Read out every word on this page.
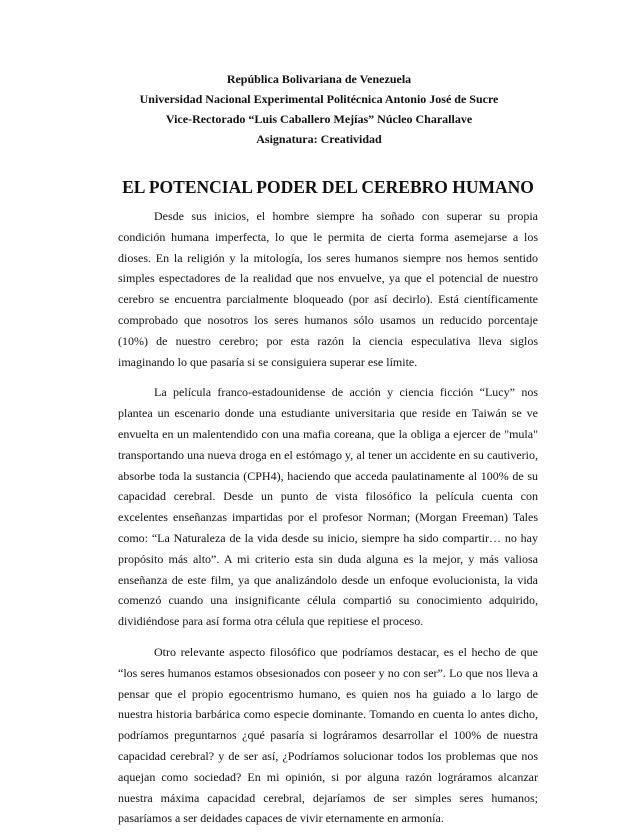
República Bolivariana de Venezuela
Universidad Nacional Experimental Politécnica Antonio José de Sucre
Vice-Rectorado “Luis Caballero Mejías” Núcleo Charallave
Asignatura: Creatividad
EL POTENCIAL PODER DEL CEREBRO HUMANO

Desde sus inicios, el hombre siempre ha soñado con superar su propia condición humana imperfecta, lo que le permita de cierta forma asemejarse a los dioses. En la religión y la mitología, los seres humanos siempre nos hemos sentido simples espectadores de la realidad que nos envuelve, ya que el potencial de nuestro cerebro se encuentra parcialmente bloqueado (por así decirlo). Está científicamente comprobado que nosotros los seres humanos sólo usamos un reducido porcentaje (10%) de nuestro cerebro; por esta razón la ciencia especulativa lleva siglos imaginando lo que pasaría si se consiguiera superar ese límite.

La película franco-estadounidense de acción y ciencia ficción “Lucy” nos plantea un escenario donde una estudiante universitaria que reside en Taiwán se ve envuelta en un malentendido con una mafia coreana, que la obliga a ejercer de "mula" transportando una nueva droga en el estómago y, al tener un accidente en su cautiverio, absorbe toda la sustancia (CPH4), haciendo que acceda paulatinamente al 100% de su capacidad cerebral. Desde un punto de vista filosófico la película cuenta con excelentes enseñanzas impartidas por el profesor Norman; (Morgan Freeman) Tales como: “La Naturaleza de la vida desde su inicio, siempre ha sido compartir… no hay propósito más alto”. A mi criterio esta sin duda alguna es la mejor, y más valiosa enseñanza de este film, ya que analizándolo desde un enfoque evolucionista, la vida comenzó cuando una insignificante célula compartió su conocimiento adquirido, dividiéndose para así forma otra célula que repitiese el proceso.

Otro relevante aspecto filosófico que podríamos destacar, es el hecho de que “los seres humanos estamos obsesionados con poseer y no con ser”. Lo que nos lleva a pensar que el propio egocentrismo humano, es quien nos ha guiado a lo largo de nuestra historia barbárica como especie dominante. Tomando en cuenta lo antes dicho, podríamos preguntarnos ¿qué pasaría si lográramos desarrollar el 100% de nuestra capacidad cerebral? y de ser así, ¿Podríamos solucionar todos los problemas que nos aquejan como sociedad? En mi opinión, si por alguna razón lográramos alcanzar nuestra máxima capacidad cerebral, dejaríamos de ser simples seres humanos; pasaríamos a ser deidades capaces de vivir eternamente en armonía.
